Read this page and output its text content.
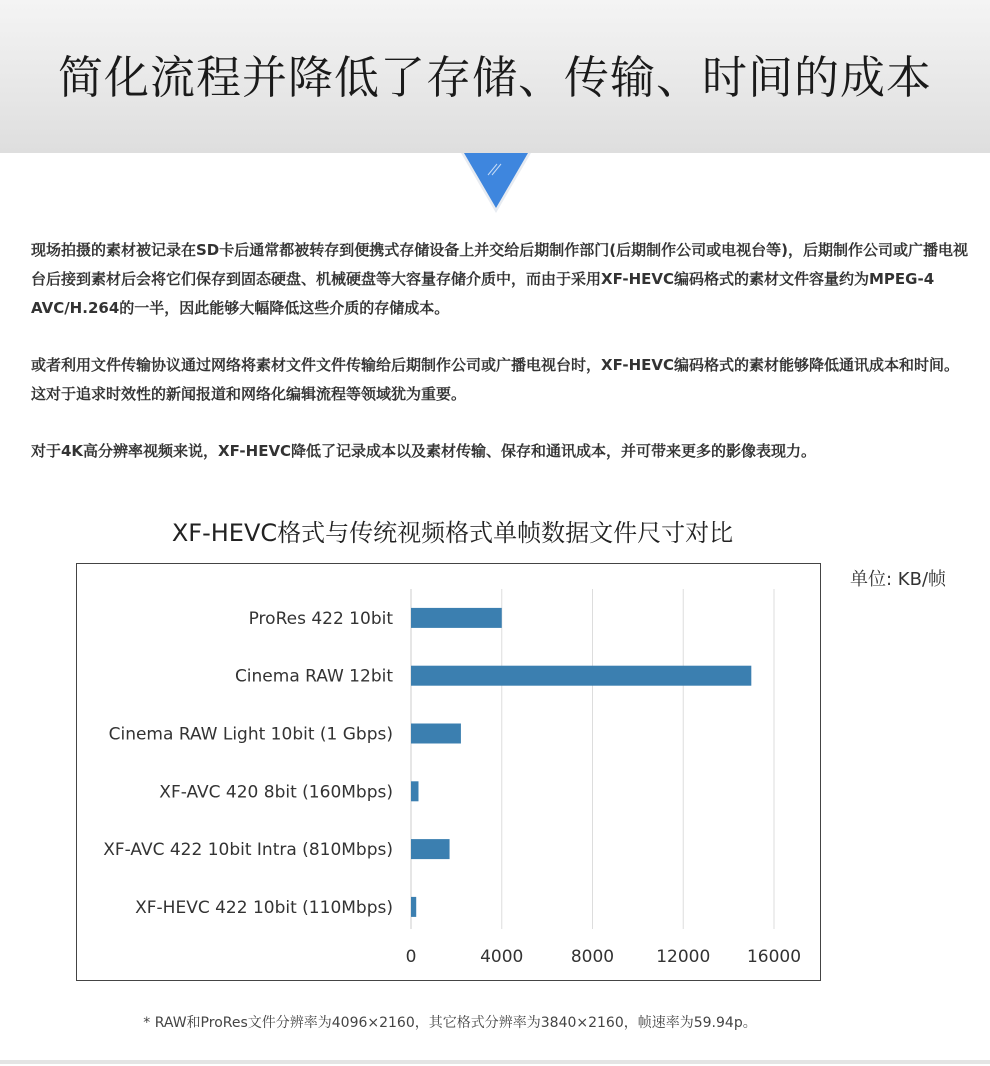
简化流程并降低了存储、传输、时间的成本

现场拍摄的素材被记录在SD卡后通常都被转存到便携式存储设备上并交给后期制作部门(后期制作公司或电视台等)，后期制作公司或广播电视台后接到素材后会将它们保存到固态硬盘、机械硬盘等大容量存储介质中，而由于采用XF-HEVC编码格式的素材文件容量约为MPEG-4 AVC/H.264的一半，因此能够大幅降低这些介质的存储成本。

或者利用文件传输协议通过网络将素材文件文件传输给后期制作公司或广播电视台时，XF-HEVC编码格式的素材能够降低通讯成本和时间。这对于追求时效性的新闻报道和网络化编辑流程等领域犹为重要。

对于4K高分辨率视频来说，XF-HEVC降低了记录成本以及素材传输、保存和通讯成本，并可带来更多的影像表现力。

XF-HEVC格式与传统视频格式单帧数据文件尺寸对比
单位: KB/帧
ProRes 422 10bit
Cinema RAW 12bit
Cinema RAW Light 10bit (1 Gbps)
XF-AVC 420 8bit (160Mbps)
XF-AVC 422 10bit Intra (810Mbps)
XF-HEVC 422 10bit (110Mbps)
0	4000	8000 12000 16000
* RAW和ProRes文件分辨率为4096×2160，其它格式分辨率为3840×2160，帧速率为59.94p。
